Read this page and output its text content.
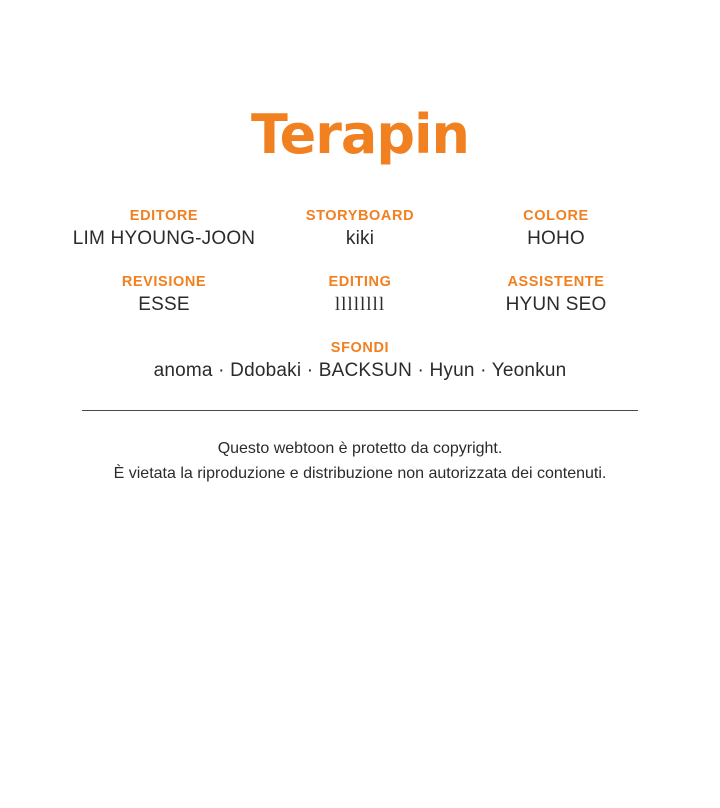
Terapin
EDITORE
LIM HYOUNG-JOON
STORYBOARD
kiki
COLORE
HOHO
REVISIONE
ESSE
EDITING
llllllll
ASSISTENTE
HYUN SEO
SFONDI
anoma · Ddobaki · BACKSUN · Hyun · Yeonkun
Questo webtoon è protetto da copyright.
È vietata la riproduzione e distribuzione non autorizzata dei contenuti.
